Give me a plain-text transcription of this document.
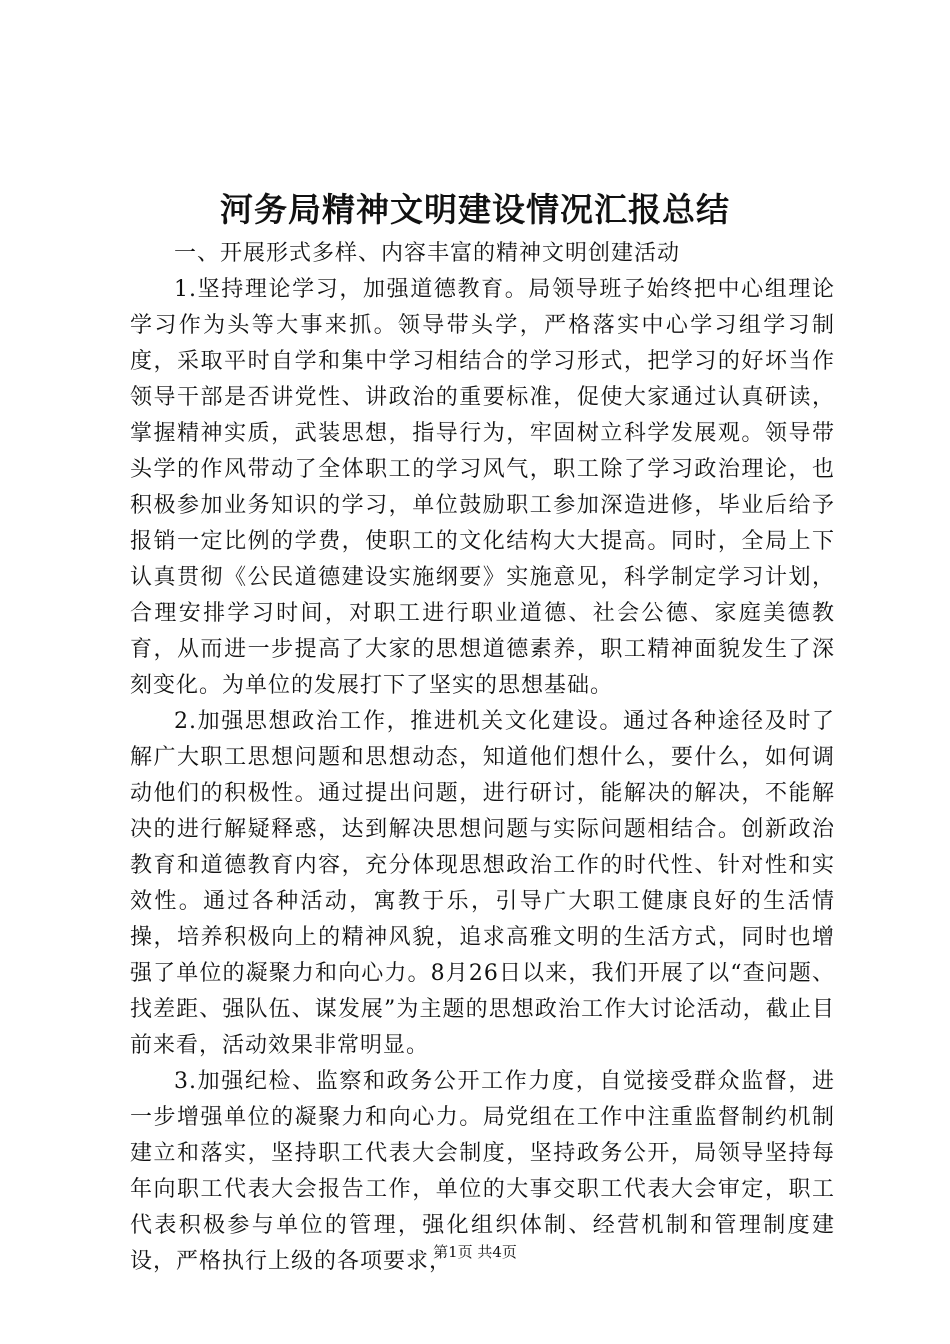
河务局精神文明建设情况汇报总结

一、开展形式多样、内容丰富的精神文明创建活动

1.坚持理论学习，加强道德教育。局领导班子始终把中心组理论学习作为头等大事来抓。领导带头学，严格落实中心学习组学习制度，采取平时自学和集中学习相结合的学习形式，把学习的好坏当作领导干部是否讲党性、讲政治的重要标准，促使大家通过认真研读，掌握精神实质，武装思想，指导行为，牢固树立科学发展观。领导带头学的作风带动了全体职工的学习风气，职工除了学习政治理论，也积极参加业务知识的学习，单位鼓励职工参加深造进修，毕业后给予报销一定比例的学费，使职工的文化结构大大提高。同时，全局上下认真贯彻《公民道德建设实施纲要》实施意见，科学制定学习计划，合理安排学习时间，对职工进行职业道德、社会公德、家庭美德教育，从而进一步提高了大家的思想道德素养，职工精神面貌发生了深刻变化。为单位的发展打下了坚实的思想基础。

2.加强思想政治工作，推进机关文化建设。通过各种途径及时了解广大职工思想问题和思想动态，知道他们想什么，要什么，如何调动他们的积极性。通过提出问题，进行研讨，能解决的解决，不能解决的进行解疑释惑，达到解决思想问题与实际问题相结合。创新政治教育和道德教育内容，充分体现思想政治工作的时代性、针对性和实效性。通过各种活动，寓教于乐，引导广大职工健康良好的生活情操，培养积极向上的精神风貌，追求高雅文明的生活方式，同时也增强了单位的凝聚力和向心力。8月26日以来，我们开展了以“查问题、找差距、强队伍、谋发展”为主题的思想政治工作大讨论活动，截止目前来看，活动效果非常明显。

3.加强纪检、监察和政务公开工作力度，自觉接受群众监督，进一步增强单位的凝聚力和向心力。局党组在工作中注重监督制约机制建立和落实，坚持职工代表大会制度，坚持政务公开，局领导坚持每年向职工代表大会报告工作，单位的大事交职工代表大会审定，职工代表积极参与单位的管理，强化组织体制、经营机制和管理制度建设，严格执行上级的各项要求，

第1页 共4页
